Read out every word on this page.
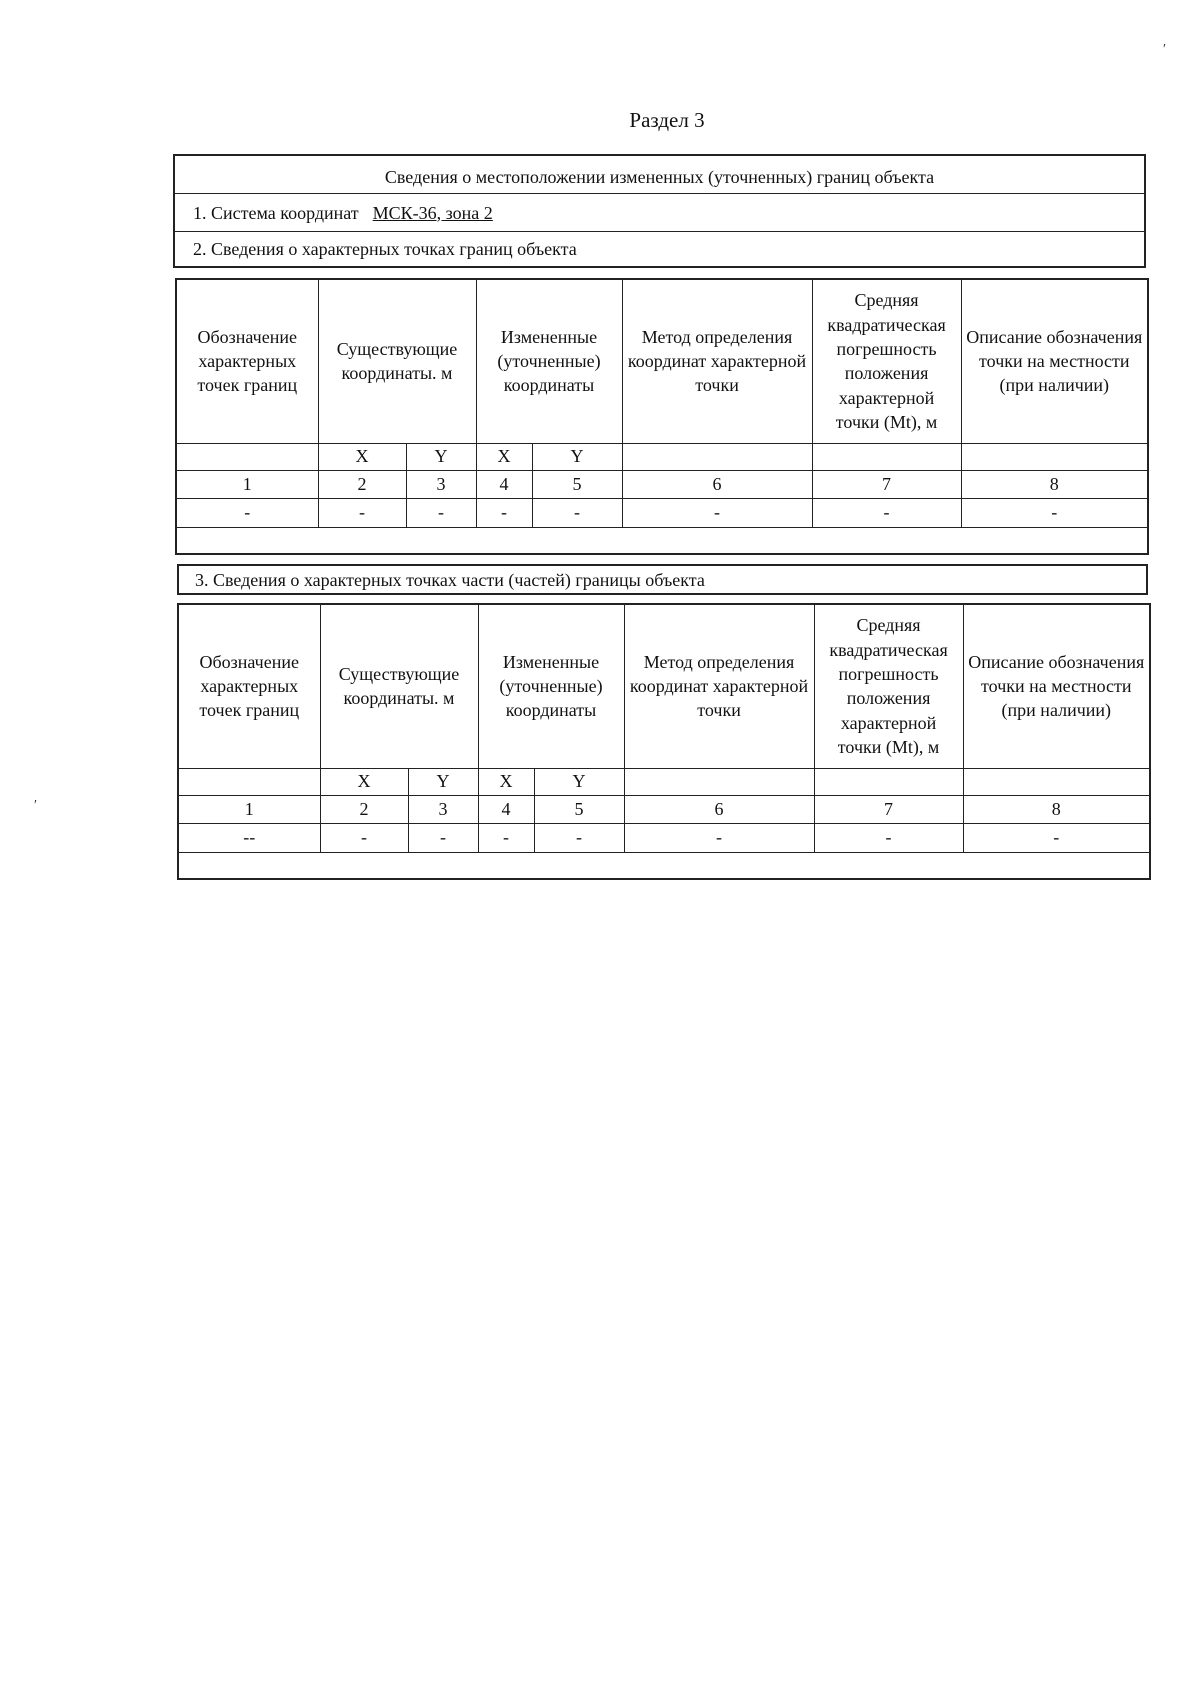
Раздел 3
Сведения о местоположении измененных (уточненных) границ объекта
1. Система координат МСК-36, зона 2
2. Сведения о характерных точках границ объекта
Обозначение характерных точек границ	Существующие координаты. м		Измененные (уточненные) координаты		Метод определения координат характерной точки	Средняя квадратическая погрешность положения характерной точки (Mt), м	Описание обозначения точки на местности (при наличии)
	X	Y	X	Y			
1	2	3	4	5	6	7	8
-	-	-	-	-	-	-	-

3. Сведения о характерных точках части (частей) границы объекта
Обозначение характерных точек границ	Существующие координаты. м		Измененные (уточненные) координаты		Метод определения координат характерной точки	Средняя квадратическая погрешность положения характерной точки (Mt), м	Описание обозначения точки на местности (при наличии)
	X	Y	X	Y			
1	2	3	4	5	6	7	8
--	-	-	-	-	-	-	-

′
′
